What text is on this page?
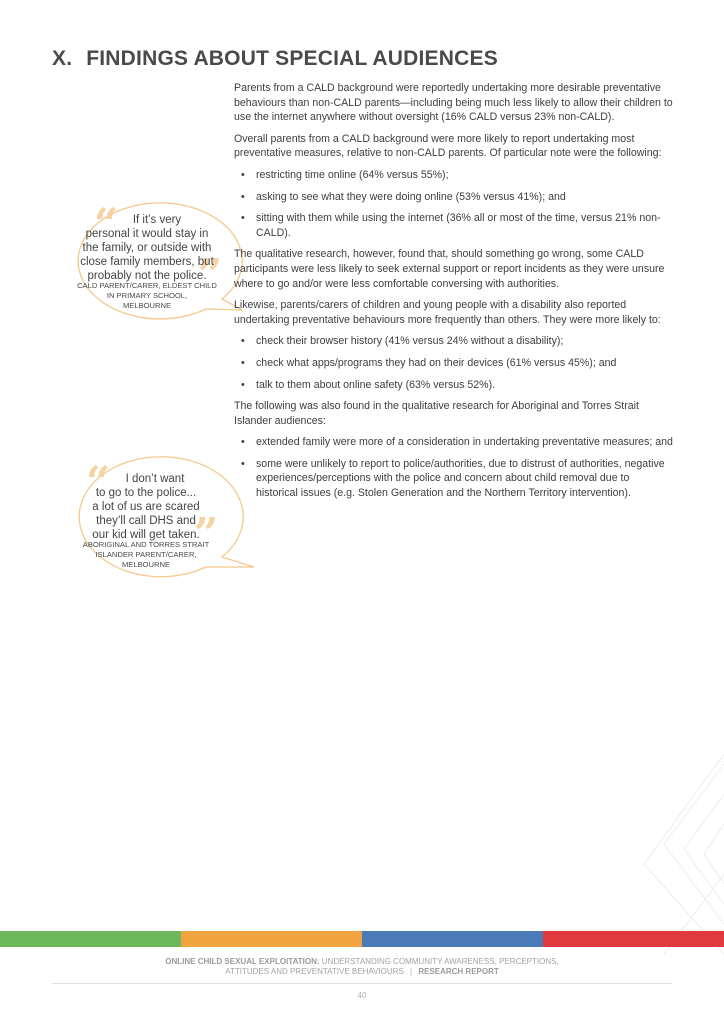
X. FINDINGS ABOUT SPECIAL AUDIENCES
“
”
If it’s very
personal it would stay in
the family, or outside with
close family members, but
probably not the police.
CALD PARENT/CARER, ELDEST CHILD
IN PRIMARY SCHOOL,
MELBOURNE
“
”
I don’t want
to go to the police...
a lot of us are scared
they’ll call DHS and
our kid will get taken.
ABORIGINAL AND TORRES STRAIT
ISLANDER PARENT/CARER,
MELBOURNE

Parents from a CALD background were reportedly undertaking more desirable preventative behaviours than non-CALD parents—including being much less likely to allow their children to use the internet anywhere without oversight (16% CALD versus 23% non-CALD).

Overall parents from a CALD background were more likely to report undertaking most preventative measures, relative to non-CALD parents. Of particular note were the following:

• restricting time online (64% versus 55%);
• asking to see what they were doing online (53% versus 41%); and
• sitting with them while using the internet (36% all or most of the time, versus 21% non-CALD).

The qualitative research, however, found that, should something go wrong, some CALD participants were less likely to seek external support or report incidents as they were unsure where to go and/or were less comfortable conversing with authorities.

Likewise, parents/carers of children and young people with a disability also reported undertaking preventative behaviours more frequently than others. They were more likely to:

• check their browser history (41% versus 24% without a disability);
• check what apps/programs they had on their devices (61% versus 45%); and
• talk to them about online safety (63% versus 52%).

The following was also found in the qualitative research for Aboriginal and Torres Strait Islander audiences:

• extended family were more of a consideration in undertaking preventative measures; and
• some were unlikely to report to police/authorities, due to distrust of authorities, negative experiences/perceptions with the police and concern about child removal due to historical issues (e.g. Stolen Generation and the Northern Territory intervention).
ONLINE CHILD SEXUAL EXPLOITATION: UNDERSTANDING COMMUNITY AWARENESS, PERCEPTIONS,
ATTITUDES AND PREVENTATIVE BEHAVIOURS | RESEARCH REPORT
40
